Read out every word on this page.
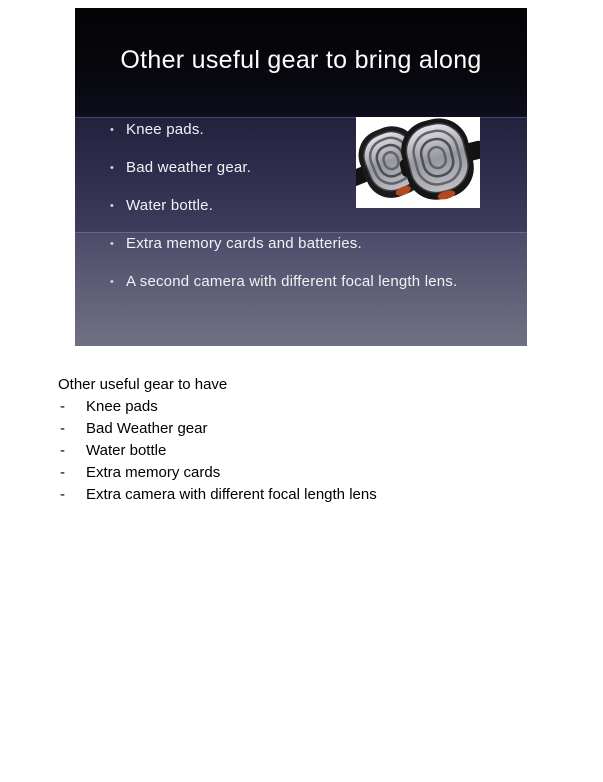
Other useful gear to bring along
• Knee pads.
• Bad weather gear.
• Water bottle.
• Extra memory cards and batteries.
• A second camera with different focal length lens.
Other useful gear to have
-	Knee pads
-	Bad Weather gear
-	Water bottle
-	Extra memory cards
-	Extra camera with different focal length lens
